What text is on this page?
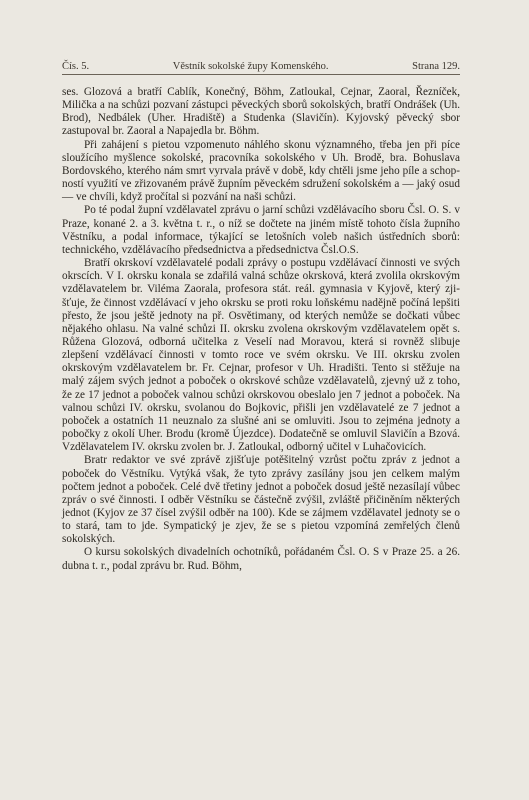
Čís. 5.	Věstník sokolské župy Komenského.	Strana 129.

ses. Glozová a bratří Cablík, Konečný, Böhm, Zatloukal, Cejnar, Zaoral, Řezníček, Milička a na schůzi pozvaní zástupci pěveckých sborů sokolských, bratří Ondrášek (Uh. Brod), Nedbálek (Uher. Hradiště) a Studenka (Slavičín). Kyjovský pěvecký sbor zastupoval br. Zaoral a Napajedla br. Böhm.

Při zahájení s pietou vzpomenuto náhlého skonu významného, třeba jen při píce sloužícího myšlence sokolské, pracovníka sokolského v Uh. Brodě, bra. Bohuslava Bordovského, kterého nám smrt vyrvala právě v době, kdy chtěli jsme jeho píle a schopností využití ve zřizovaném právě župním pěveckém sdružení sokolském a — jaký osud — ve chvíli, když pročítal si pozvání na naši schůzi.

Po té podal župní vzdělavatel zprávu o jarní schůzi vzdělávacího sboru Čsl. O. S. v Praze, konané 2. a 3. května t. r., o níž se dočtete na jiném místě tohoto čísla župního Věstníku, a podal informace, týkající se letošních voleb našich ústředních sborů: technického, vzdělávacího předsednictva a předsednictva Čsl.O.S.

Bratří okrskoví vzdělavatelé podali zprávy o postupu vzdělávací činnosti ve svých okrscích. V I. okrsku konala se zdařilá valná schůze okrsková, která zvolila okrskovým vzdělavatelem br. Viléma Zaorala, profesora stát. reál. gymnasia v Kyjově, který zjišťuje, že činnost vzdělávací v jeho okrsku se proti roku loňskému nadějně počíná lepšiti přesto, že jsou ještě jednoty na př. Osvětimany, od kterých nemůže se dočkati vůbec nějakého ohlasu. Na valné schůzi II. okrsku zvolena okrskovým vzdělavatelem opět s. Růžena Glozová, odborná učitelka z Veselí nad Moravou, která si rovněž slibuje zlepšení vzdělávací činnosti v tomto roce ve svém okrsku. Ve III. okrsku zvolen okrskovým vzdělavatelem br. Fr. Cejnar, profesor v Uh. Hradišti. Tento si stěžuje na malý zájem svých jednot a poboček o okrskové schůze vzdělavatelů, zjevný už z toho, že ze 17 jednot a poboček valnou schůzi okrskovou obeslalo jen 7 jednot a poboček. Na valnou schůzi IV. okrsku, svolanou do Bojkovic, přišli jen vzdělavatelé ze 7 jednot a poboček a ostatních 11 neuznalo za slušné ani se omluviti. Jsou to zejména jednoty a pobočky z okolí Uher. Brodu (kromě Újezdce). Dodatečně se omluvil Slavičín a Bzová. Vzdělavatelem IV. okrsku zvolen br. J. Zatloukal, odborný učitel v Luhačovicích.

Bratr redaktor ve své zprávě zjišťuje potěšitelný vzrůst počtu zpráv z jednot a poboček do Věstníku. Vytýká však, že tyto zprávy zasílány jsou jen celkem malým počtem jednot a poboček. Celé dvě třetiny jednot a poboček dosud ještě nezasílají vůbec zpráv o své činnosti. I odběr Věstníku se částečně zvýšil, zvláště přičiněním některých jednot (Kyjov ze 37 čísel zvýšil odběr na 100). Kde se zájmem vzdělavatel jednoty se o to stará, tam to jde. Sympatický je zjev, že se s pietou vzpomíná zemřelých členů sokolských.

O kursu sokolských divadelních ochotníků, pořádaném Čsl. O. S v Praze 25. a 26. dubna t. r., podal zprávu br. Rud. Böhm,
